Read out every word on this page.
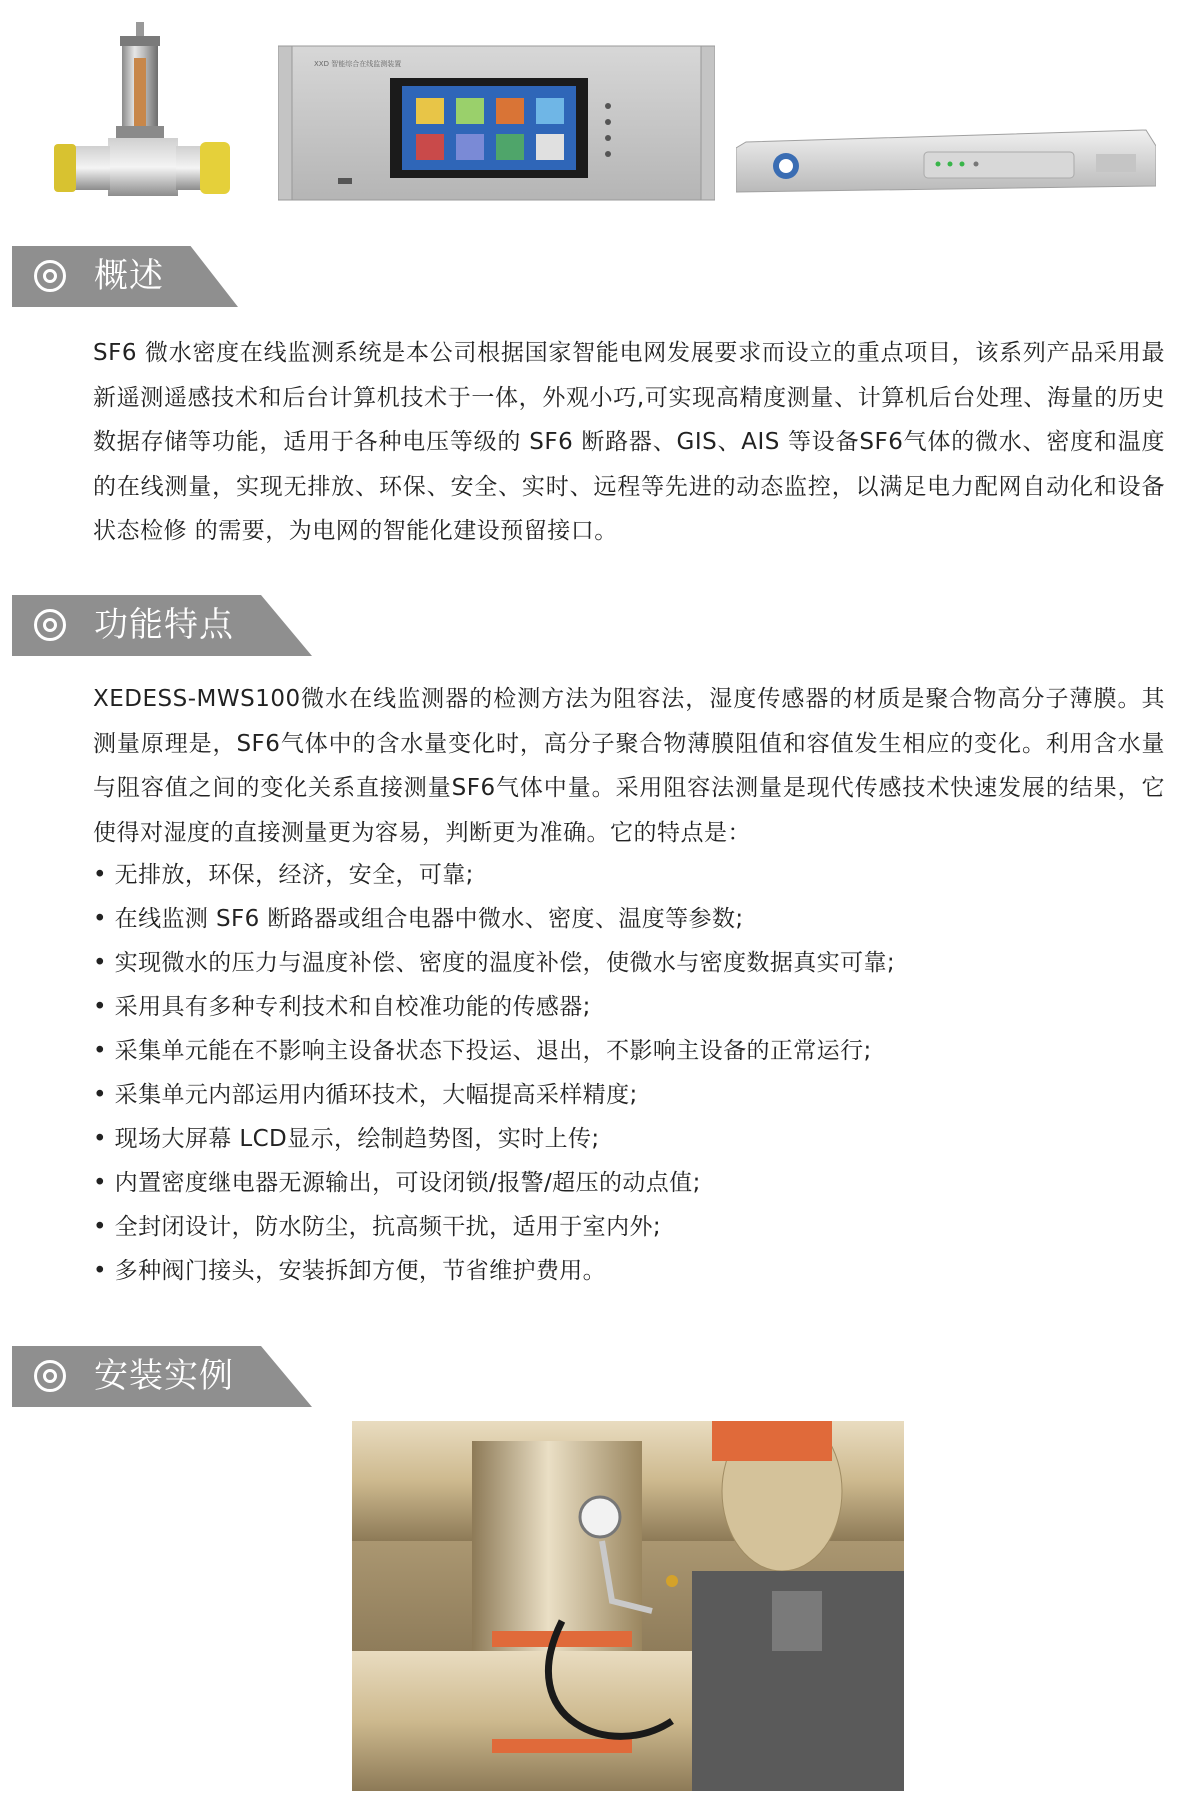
XXD 智能综合在线监测装置
概述
SF6 微水密度在线监测系统是本公司根据国家智能电网发展要求而设立的重点项目，该系列产品采用最新遥测遥感技术和后台计算机技术于一体，外观小巧,可实现高精度测量、计算机后台处理、海量的历史数据存储等功能，适用于各种电压等级的 SF6 断路器、GIS、AIS 等设备SF6气体的微水、密度和温度的在线测量，实现无排放、环保、安全、实时、远程等先进的动态监控，以满足电力配网自动化和设备状态检修 的需要，为电网的智能化建设预留接口。
功能特点
XEDESS-MWS100微水在线监测器的检测方法为阻容法，湿度传感器的材质是聚合物高分子薄膜。其测量原理是，SF6气体中的含水量变化时，高分子聚合物薄膜阻值和容值发生相应的变化。利用含水量与阻容值之间的变化关系直接测量SF6气体中量。采用阻容法测量是现代传感技术快速发展的结果，它使得对湿度的直接测量更为容易，判断更为准确。它的特点是：
• 无排放，环保，经济，安全，可靠;
• 在线监测 SF6 断路器或组合电器中微水、密度、温度等参数;
• 实现微水的压力与温度补偿、密度的温度补偿，使微水与密度数据真实可靠;
• 采用具有多种专利技术和自校准功能的传感器;
• 采集单元能在不影响主设备状态下投运、退出，不影响主设备的正常运行;
• 采集单元内部运用内循环技术，大幅提高采样精度;
• 现场大屏幕 LCD显示，绘制趋势图，实时上传;
• 内置密度继电器无源输出，可设闭锁/报警/超压的动点值;
• 全封闭设计，防水防尘，抗高频干扰，适用于室内外;
• 多种阀门接头，安装拆卸方便，节省维护费用。
安装实例
